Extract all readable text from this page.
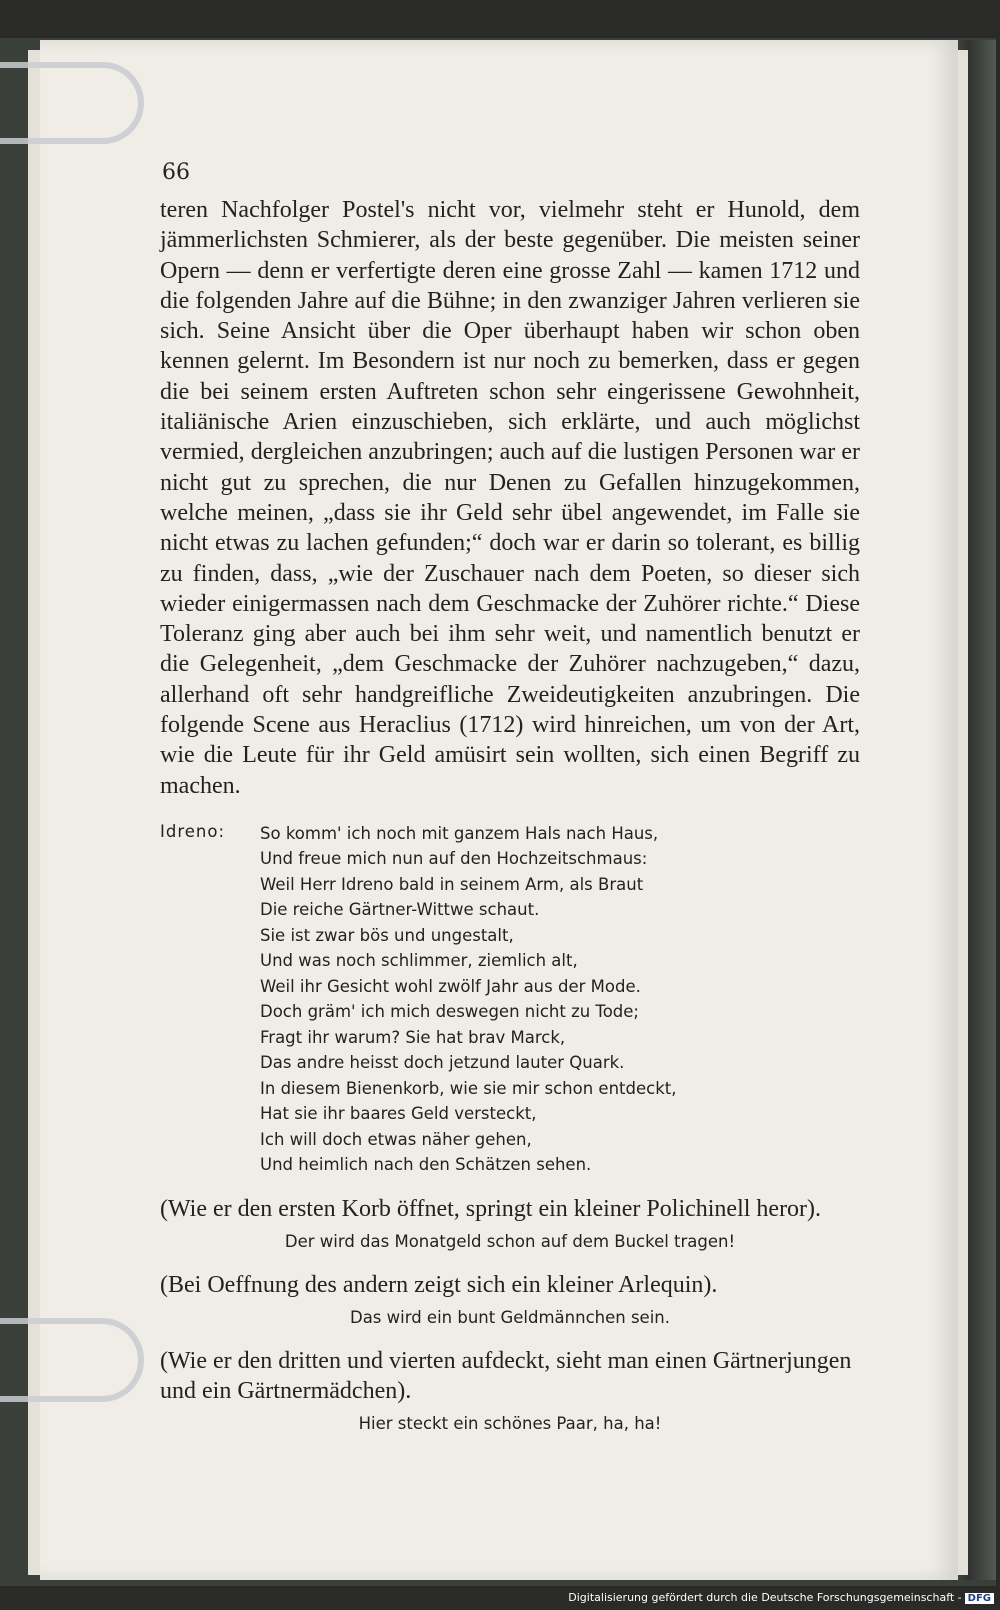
66

teren Nachfolger Postel's nicht vor, vielmehr steht er Hunold, dem jämmerlichsten Schmierer, als der beste gegenüber. Die meisten seiner Opern — denn er verfertigte deren eine grosse Zahl — kamen 1712 und die folgenden Jahre auf die Bühne; in den zwanziger Jahren verlieren sie sich. Seine Ansicht über die Oper überhaupt haben wir schon oben kennen gelernt. Im Besondern ist nur noch zu bemerken, dass er gegen die bei seinem ersten Auftreten schon sehr eingerissene Gewohnheit, italiänische Arien einzuschieben, sich erklärte, und auch möglichst vermied, dergleichen anzubringen; auch auf die lustigen Personen war er nicht gut zu sprechen, die nur Denen zu Gefallen hinzugekommen, welche meinen, „dass sie ihr Geld sehr übel angewendet, im Falle sie nicht etwas zu lachen gefunden;“ doch war er darin so tolerant, es billig zu finden, dass, „wie der Zuschauer nach dem Poeten, so dieser sich wieder einigermassen nach dem Geschmacke der Zuhörer richte.“ Diese Toleranz ging aber auch bei ihm sehr weit, und namentlich benutzt er die Gelegenheit, „dem Geschmacke der Zuhörer nachzugeben,“ dazu, allerhand oft sehr handgreifliche Zweideutigkeiten anzubringen. Die folgende Scene aus Heraclius (1712) wird hinreichen, um von der Art, wie die Leute für ihr Geld amüsirt sein wollten, sich einen Begriff zu machen.

Idreno:	So komm' ich noch mit ganzem Hals nach Haus,
Und freue mich nun auf den Hochzeitschmaus:
Weil Herr Idreno bald in seinem Arm, als Braut
Die reiche Gärtner-Wittwe schaut.
Sie ist zwar bös und ungestalt,
Und was noch schlimmer, ziemlich alt,
Weil ihr Gesicht wohl zwölf Jahr aus der Mode.
Doch gräm' ich mich deswegen nicht zu Tode;
Fragt ihr warum? Sie hat brav Marck,
Das andre heisst doch jetzund lauter Quark.
In diesem Bienenkorb, wie sie mir schon entdeckt,
Hat sie ihr baares Geld versteckt,
Ich will doch etwas näher gehen,
Und heimlich nach den Schätzen sehen.

(Wie er den ersten Korb öffnet, springt ein kleiner Polichinell heror).

Der wird das Monatgeld schon auf dem Buckel tragen!

(Bei Oeffnung des andern zeigt sich ein kleiner Arlequin).

Das wird ein bunt Geldmännchen sein.

(Wie er den dritten und vierten aufdeckt, sieht man einen Gärtnerjungen und ein Gärtnermädchen).

Hier steckt ein schönes Paar, ha, ha!

Digitalisierung gefördert durch die Deutsche Forschungsgemeinschaft - DFG
